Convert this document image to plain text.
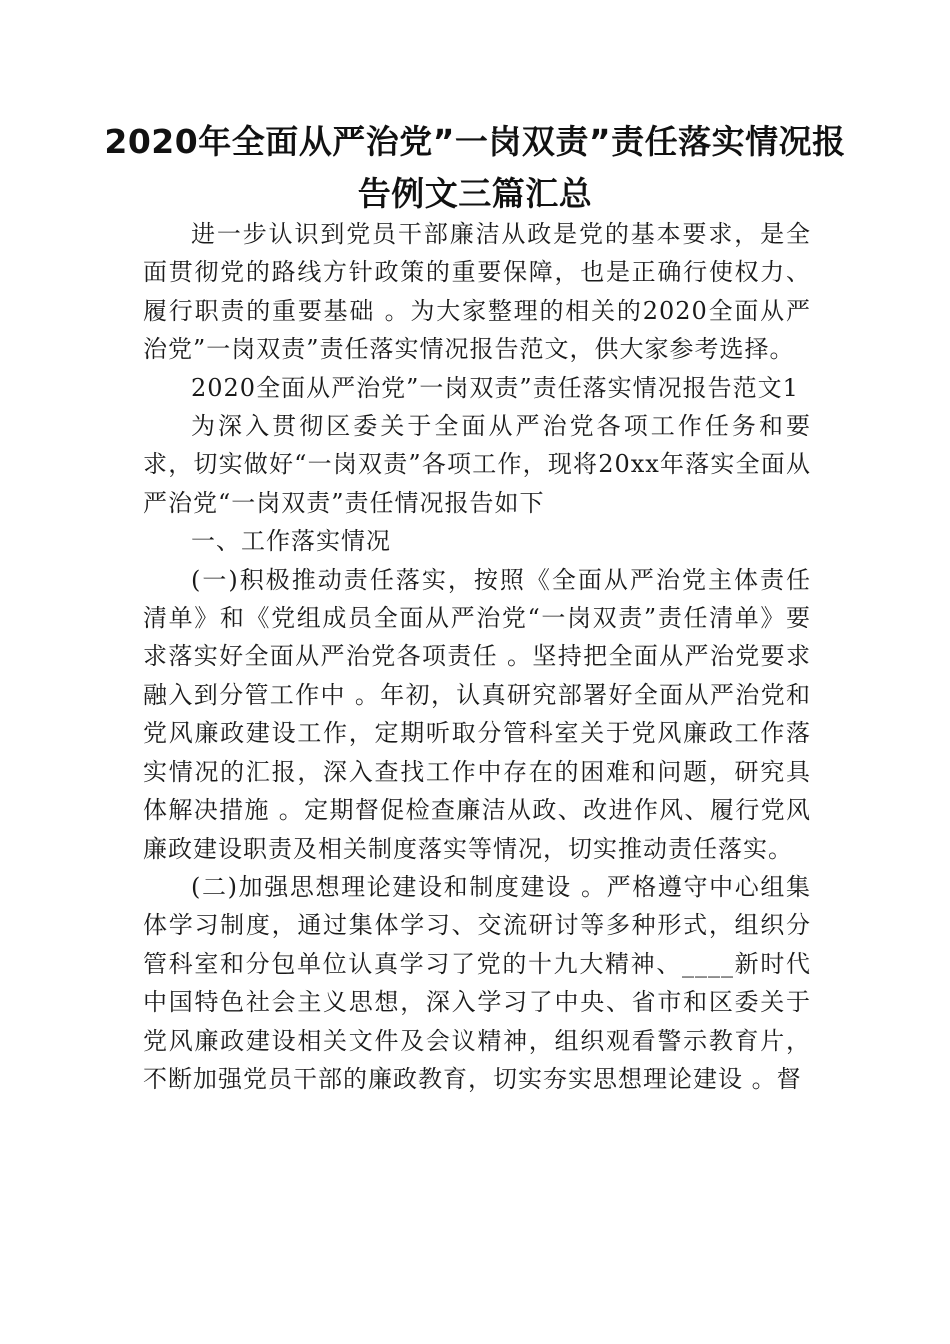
2020年全面从严治党”一岗双责”责任落实情况报告例文三篇汇总

进一步认识到党员干部廉洁从政是党的基本要求，是全面贯彻党的路线方针政策的重要保障，也是正确行使权力、履行职责的重要基础 。为大家整理的相关的2020全面从严治党”一岗双责”责任落实情况报告范文，供大家参考选择。

2020全面从严治党”一岗双责”责任落实情况报告范文1

为深入贯彻区委关于全面从严治党各项工作任务和要求，切实做好“一岗双责”各项工作，现将20xx年落实全面从严治党“一岗双责”责任情况报告如下

一、工作落实情况

(一)积极推动责任落实，按照《全面从严治党主体责任清单》和《党组成员全面从严治党“一岗双责”责任清单》要求落实好全面从严治党各项责任 。坚持把全面从严治党要求融入到分管工作中 。年初，认真研究部署好全面从严治党和党风廉政建设工作，定期听取分管科室关于党风廉政工作落实情况的汇报，深入查找工作中存在的困难和问题，研究具体解决措施 。定期督促检查廉洁从政、改进作风、履行党风廉政建设职责及相关制度落实等情况，切实推动责任落实。

(二)加强思想理论建设和制度建设 。严格遵守中心组集体学习制度，通过集体学习、交流研讨等多种形式，组织分管科室和分包单位认真学习了党的十九大精神、____新时代中国特色社会主义思想，深入学习了中央、省市和区委关于党风廉政建设相关文件及会议精神，组织观看警示教育片，不断加强党员干部的廉政教育，切实夯实思想理论建设 。督
